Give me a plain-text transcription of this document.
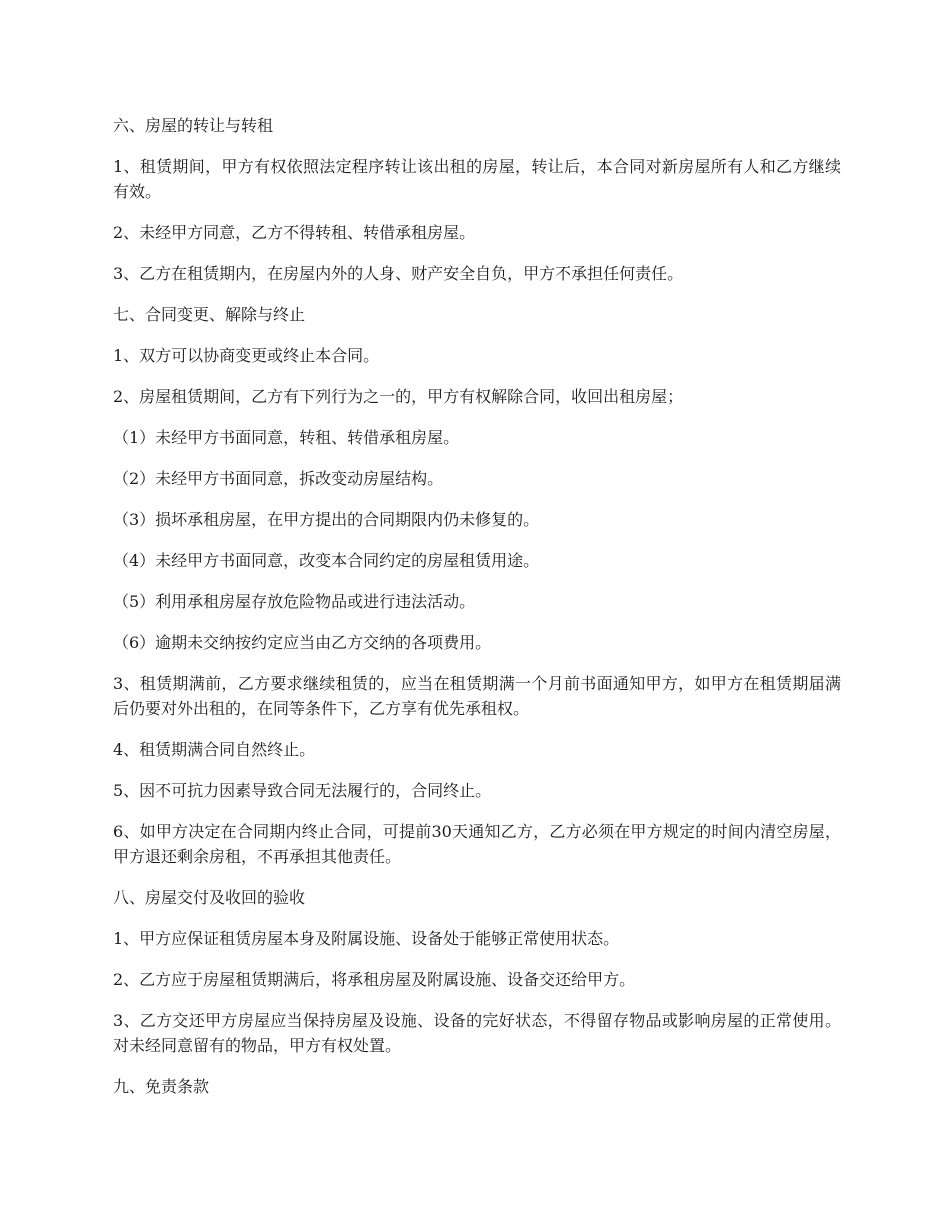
六、房屋的转让与转租

1、租赁期间，甲方有权依照法定程序转让该出租的房屋，转让后，本合同对新房屋所有人和乙方继续有效。

2、未经甲方同意，乙方不得转租、转借承租房屋。

3、乙方在租赁期内，在房屋内外的人身、财产安全自负，甲方不承担任何责任。

七、合同变更、解除与终止

1、双方可以协商变更或终止本合同。

2、房屋租赁期间，乙方有下列行为之一的，甲方有权解除合同，收回出租房屋；

（1）未经甲方书面同意，转租、转借承租房屋。

（2）未经甲方书面同意，拆改变动房屋结构。

（3）损坏承租房屋，在甲方提出的合同期限内仍未修复的。

（4）未经甲方书面同意，改变本合同约定的房屋租赁用途。

（5）利用承租房屋存放危险物品或进行违法活动。

（6）逾期未交纳按约定应当由乙方交纳的各项费用。

3、租赁期满前，乙方要求继续租赁的，应当在租赁期满一个月前书面通知甲方，如甲方在租赁期届满后仍要对外出租的，在同等条件下，乙方享有优先承租权。

4、租赁期满合同自然终止。

5、因不可抗力因素导致合同无法履行的，合同终止。

6、如甲方决定在合同期内终止合同，可提前30天通知乙方，乙方必须在甲方规定的时间内清空房屋，甲方退还剩余房租，不再承担其他责任。

八、房屋交付及收回的验收

1、甲方应保证租赁房屋本身及附属设施、设备处于能够正常使用状态。

2、乙方应于房屋租赁期满后，将承租房屋及附属设施、设备交还给甲方。

3、乙方交还甲方房屋应当保持房屋及设施、设备的完好状态，不得留存物品或影响房屋的正常使用。对未经同意留有的物品，甲方有权处置。

九、免责条款
